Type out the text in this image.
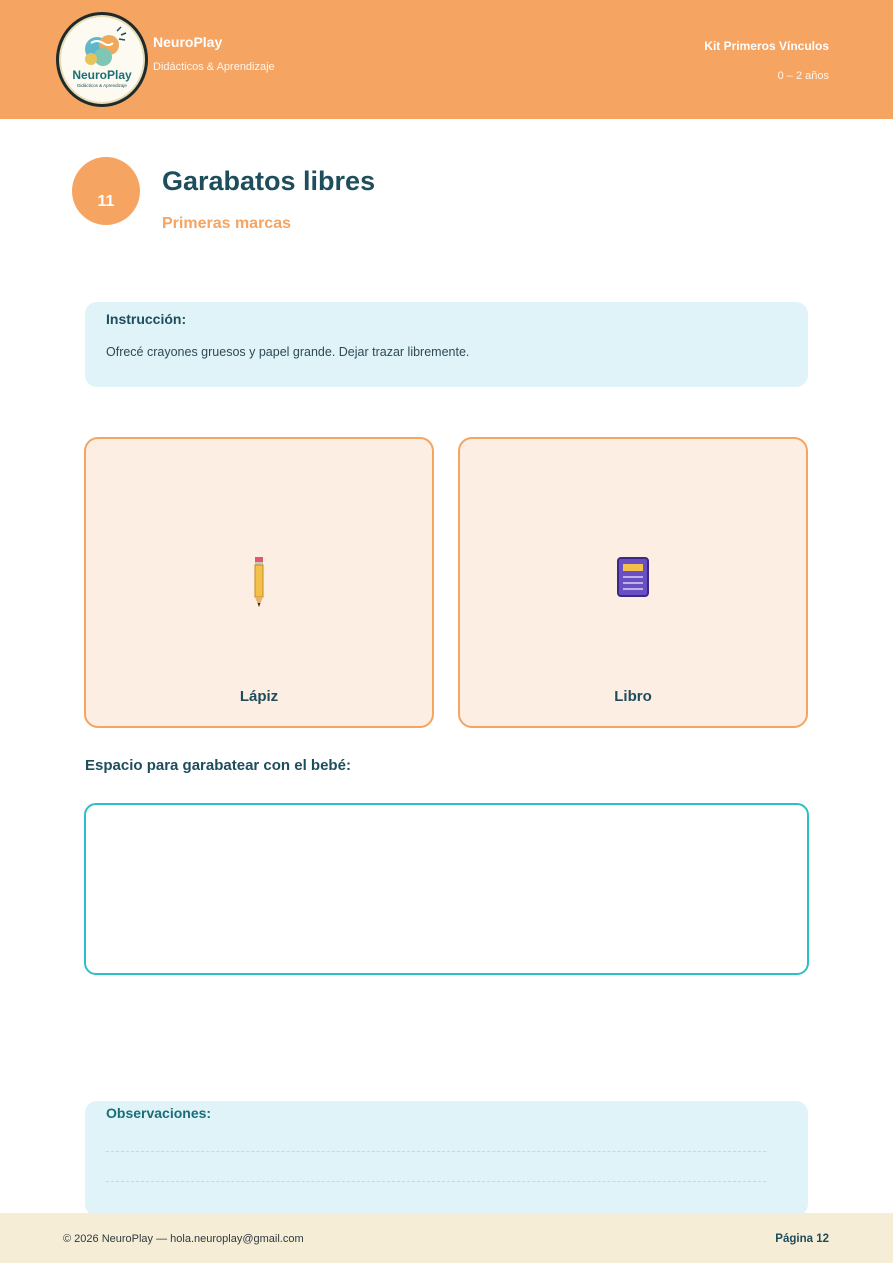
NeuroPlay
Didácticos & Aprendizaje
NeuroPlay
Didácticos & Aprendizaje
Kit Primeros Vínculos
0 – 2 años
11
Garabatos libres
Primeras marcas
Instrucción:
Ofrecé crayones gruesos y papel grande. Dejar trazar libremente.
Lápiz	Libro
Espacio para garabatear con el bebé:
Observaciones:
© 2026 NeuroPlay — hola.neuroplay@gmail.com	Página 12
